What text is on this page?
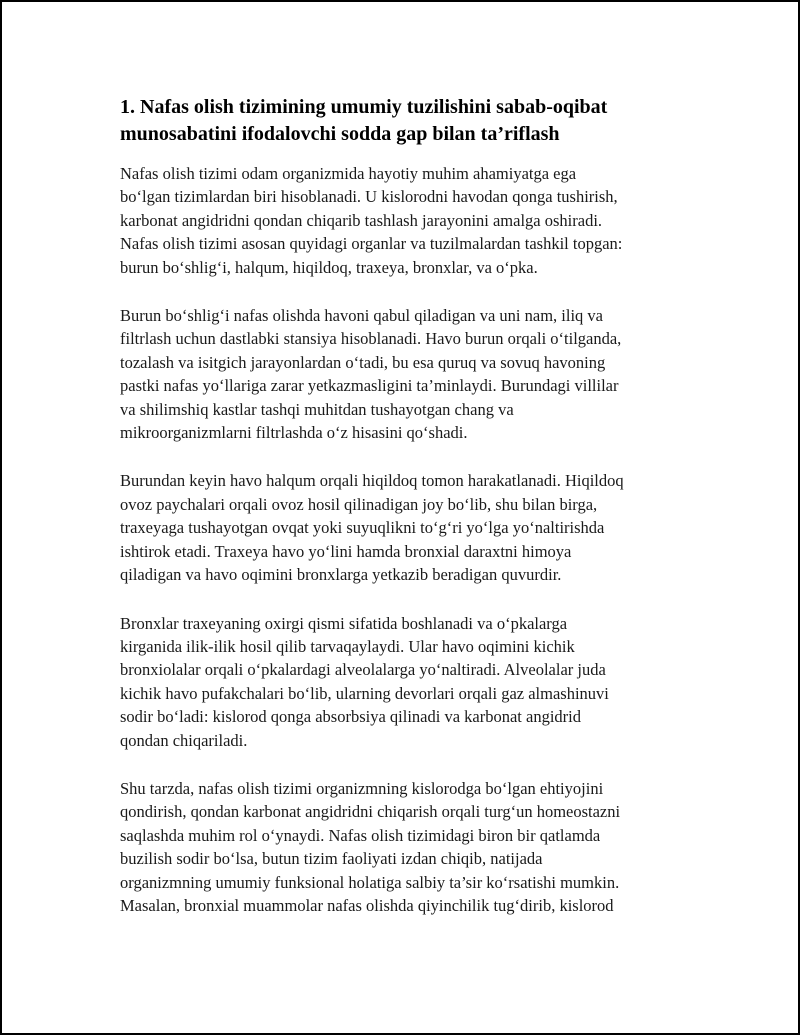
1. Nafas olish tizimining umumiy tuzilishini sabab-oqibat
munosabatini ifodalovchi sodda gap bilan ta’riflash

Nafas olish tizimi odam organizmida hayotiy muhim ahamiyatga ega
bo‘lgan tizimlardan biri hisoblanadi. U kislorodni havodan qonga tushirish,
karbonat angidridni qondan chiqarib tashlash jarayonini amalga oshiradi.
Nafas olish tizimi asosan quyidagi organlar va tuzilmalardan tashkil topgan:
burun bo‘shlig‘i, halqum, hiqildoq, traxeya, bronxlar, va o‘pka.

Burun bo‘shlig‘i nafas olishda havoni qabul qiladigan va uni nam, iliq va
filtrlash uchun dastlabki stansiya hisoblanadi. Havo burun orqali o‘tilganda,
tozalash va isitgich jarayonlardan o‘tadi, bu esa quruq va sovuq havoning
pastki nafas yo‘llariga zarar yetkazmasligini ta’minlaydi. Burundagi villilar
va shilimshiq kastlar tashqi muhitdan tushayotgan chang va
mikroorganizmlarni filtrlashda o‘z hisasini qo‘shadi.

Burundan keyin havo halqum orqali hiqildoq tomon harakatlanadi. Hiqildoq
ovoz paychalari orqali ovoz hosil qilinadigan joy bo‘lib, shu bilan birga,
traxeyaga tushayotgan ovqat yoki suyuqlikni to‘g‘ri yo‘lga yo‘naltirishda
ishtirok etadi. Traxeya havo yo‘lini hamda bronxial daraxtni himoya
qiladigan va havo oqimini bronxlarga yetkazib beradigan quvurdir.

Bronxlar traxeyaning oxirgi qismi sifatida boshlanadi va o‘pkalarga
kirganida ilik-ilik hosil qilib tarvaqaylaydi. Ular havo oqimini kichik
bronxiolalar orqali o‘pkalardagi alveolalarga yo‘naltiradi. Alveolalar juda
kichik havo pufakchalari bo‘lib, ularning devorlari orqali gaz almashinuvi
sodir bo‘ladi: kislorod qonga absorbsiya qilinadi va karbonat angidrid
qondan chiqariladi.

Shu tarzda, nafas olish tizimi organizmning kislorodga bo‘lgan ehtiyojini
qondirish, qondan karbonat angidridni chiqarish orqali turg‘un homeostazni
saqlashda muhim rol o‘ynaydi. Nafas olish tizimidagi biron bir qatlamda
buzilish sodir bo‘lsa, butun tizim faoliyati izdan chiqib, natijada
organizmning umumiy funksional holatiga salbiy ta’sir ko‘rsatishi mumkin.
Masalan, bronxial muammolar nafas olishda qiyinchilik tug‘dirib, kislorod
